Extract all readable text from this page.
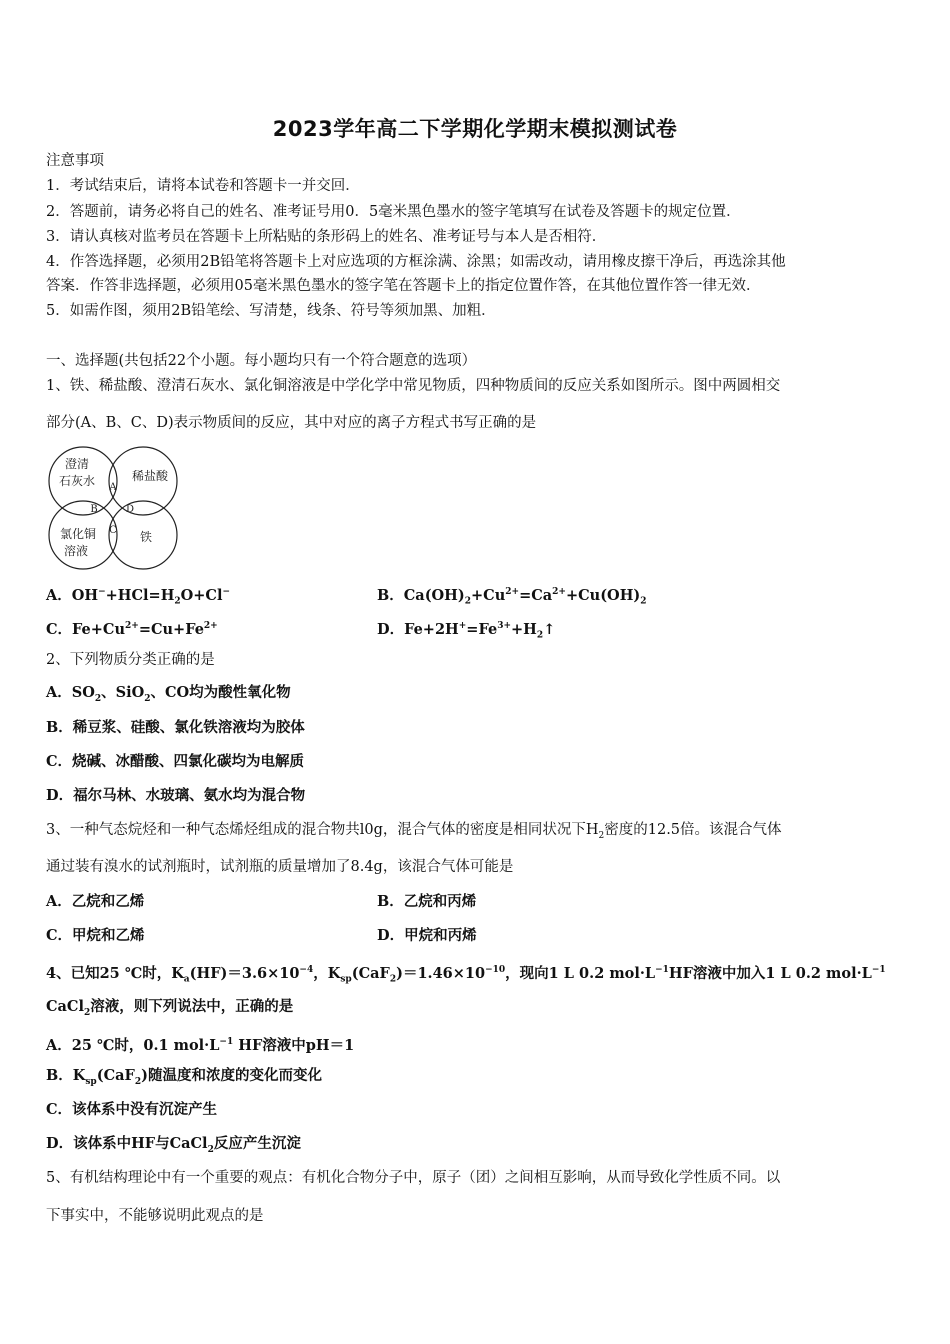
2023学年高二下学期化学期末模拟测试卷
注意事项
1．考试结束后，请将本试卷和答题卡一并交回．
2．答题前，请务必将自己的姓名、准考证号用0．5毫米黑色墨水的签字笔填写在试卷及答题卡的规定位置．
3．请认真核对监考员在答题卡上所粘贴的条形码上的姓名、准考证号与本人是否相符．
4．作答选择题，必须用2B铅笔将答题卡上对应选项的方框涂满、涂黑；如需改动，请用橡皮擦干净后，再选涂其他
答案．作答非选择题，必须用05毫米黑色墨水的签字笔在答题卡上的指定位置作答，在其他位置作答一律无效．
5．如需作图，须用2B铅笔绘、写清楚，线条、符号等须加黑、加粗．
一、选择题(共包括22个小题。每小题均只有一个符合题意的选项）
1、铁、稀盐酸、澄清石灰水、氯化铜溶液是中学化学中常见物质，四种物质间的反应关系如图所示。图中两圆相交
部分(A、B、C、D)表示物质间的反应，其中对应的离子方程式书写正确的是
澄清
石灰水	稀盐酸
氯化铜
溶液
铁
A
B
C
D
A．$OH^-+HCl=H_2O+Cl^-$	B．$Ca(OH)_2+Cu^{2+}=Ca^{2+}+Cu(OH)_2$
C．$Fe+Cu^{2+}=Cu+Fe^{2+}$	D．$Fe+2H^+=Fe^{3+}+H_2↑$
2、下列物质分类正确的是
A．$SO_2$、SiO$_2$、CO均为酸性氧化物
B．稀豆浆、硅酸、氯化铁溶液均为胶体
C．烧碱、冰醋酸、四氯化碳均为电解质
D．福尔马林、水玻璃、氨水均为混合物
3、一种气态烷烃和一种气态烯烃组成的混合物共l0g，混合气体的密度是相同状况下$H_2$密度的12.5倍。该混合气体
通过装有溴水的试剂瓶时，试剂瓶的质量增加了8.4g，该混合气体可能是
A．乙烷和乙烯	B．乙烷和丙烯
C．甲烷和乙烯	D．甲烷和丙烯
4、已知25 ℃时，$K_a(HF)=3.6\times 10^{-4}$，$K_{sp}(CaF_2)=1.46\times 10^{-10}$，现向1 L 0.2 $mol\cdot L^{-1}HF$溶液中加入1 L 0.2 $mol\cdot L^{-1}$
CaCl$_2$溶液，则下列说法中，正确的是
A．25 ℃时，0.1 $mol\cdot L^{-1}$ HF溶液中pH＝1
B．$K_{sp}(CaF_2)$随温度和浓度的变化而变化
C．该体系中没有沉淀产生
D．该体系中HF与CaCl$_2$反应产生沉淀
5、有机结构理论中有一个重要的观点：有机化合物分子中，原子（团）之间相互影响，从而导致化学性质不同。以
下事实中，不能够说明此观点的是
